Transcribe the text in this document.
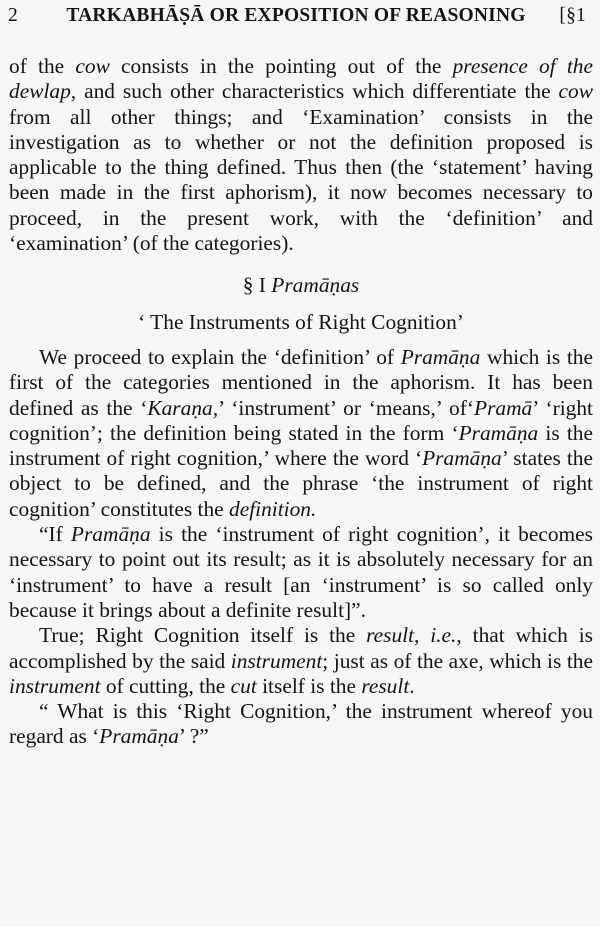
2	TARKABHĀṢĀ OR EXPOSITION OF REASONING	[§1

of the cow consists in the pointing out of the presence of the dewlap, and such other characteristics which differentiate the cow from all other things; and ‘Examination’ consists in the investigation as to whether or not the definition proposed is applicable to the thing defined. Thus then (the ‘statement’ having been made in the first aphorism), it now becomes necessary to proceed, in the present work, with the ‘definition’ and ‘examination’ (of the categories).

§ I Pramāṇas
‘ The Instruments of Right Cognition’

We proceed to explain the ‘definition’ of Pramāṇa which is the first of the categories mentioned in the aphorism. It has been defined as the ‘Karaṇa,’ ‘instrument’ or ‘means,’ of‘Pramā’ ‘right cognition’; the definition being stated in the form ‘Pramāṇa is the instrument of right cognition,’ where the word ‘Pramāṇa’ states the object to be defined, and the phrase ‘the instrument of right cognition’ constitutes the definition.

“If Pramāṇa is the ‘instrument of right cognition’, it becomes necessary to point out its result; as it is absolutely necessary for an ‘instrument’ to have a result [an ‘instrument’ is so called only because it brings about a definite result]”.

True; Right Cognition itself is the result, i.e., that which is accomplished by the said instrument; just as of the axe, which is the instrument of cutting, the cut itself is the result.

“ What is this ‘Right Cognition,’ the instrument whereof you regard as ‘Pramāṇa’ ?”
